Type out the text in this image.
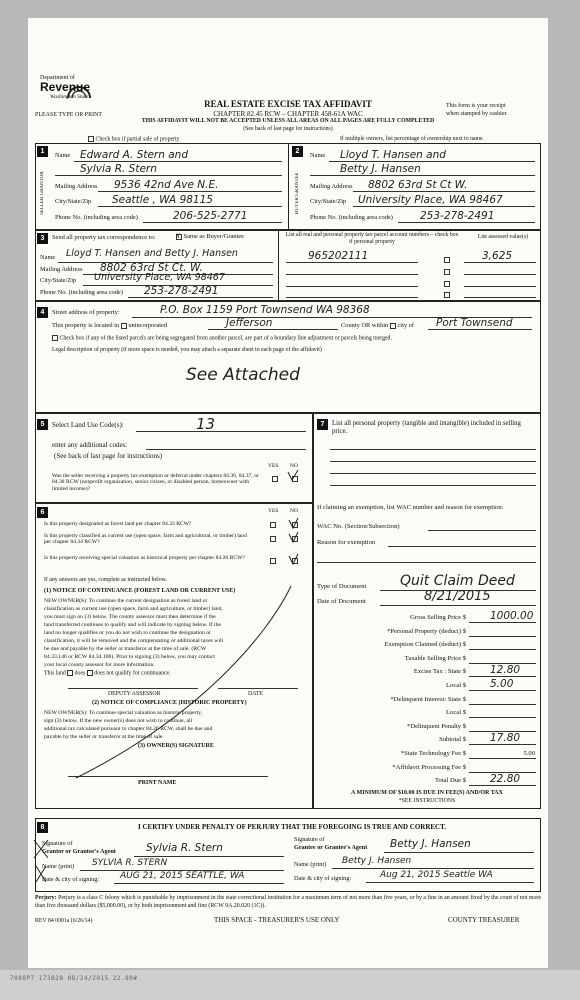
Department of
Revenue
Washington State
PLEASE TYPE OR PRINT
REAL ESTATE EXCISE TAX AFFIDAVIT
CHAPTER 82.45 RCW – CHAPTER 458-61A WAC
THIS AFFIDAVIT WILL NOT BE ACCEPTED UNLESS ALL AREAS ON ALL PAGES ARE FULLY COMPLETED
(See back of last page for instructions)
This form is your receipt
when stamped by cashier.
Check box if partial sale of property	If multiple owners, list percentage of ownership next to name.
1
SELLER GRANTOR
2
BUYER GRANTEE
Name Edward A. Stern and
Sylvia R. Stern
Mailing Address 9536 42nd Ave N.E.
City/State/Zip Seattle , WA 98115
Phone No. (including area code)	206-525-2771
Name Lloyd T. Hansen and
Betty J. Hansen
Mailing Address 8802 63rd St Ct W.
City/State/Zip University Place, WA 98467
Phone No. (including area code)	253-278-2491
3	Send all property tax correspondence to: x Same as Buyer/Grantee
Name Lloyd T. Hansen and Betty J. Hansen
Mailing Address 8802 63rd St Ct. W.
City/State/Zip University Place, WA 98467
Phone No. (including area code) 253-278-2491
List all real and personal property tax parcel account numbers – check box if personal property
List assessed value(s)
965202111	3,625
4	Street address of property:	P.O. Box 1159 Port Townsend WA 98368
This property is located in unincorporated	Jefferson	County OR within city of Port Townsend
Check box if any of the listed parcels are being segregated from another parcel, are part of a boundary line adjustment or parcels being merged.
Legal description of property (if more space is needed, you may attach a separate sheet to each page of the affidavit)
See Attached
5	Select Land Use Code(s):	13
enter any additional codes:
(See back of last page for instructions)
YES NO
Was the seller receiving a property tax exemption or deferral under chapters 84.36, 84.37, or 84.38 RCW (nonprofit organization, senior citizen, or disabled person, homeowner with limited income)?
6	YES NO
Is this property designated as forest land per chapter 84.33 RCW?
Is this property classified as current use (open space, farm and agricultural, or timber) land per chapter 84.34 RCW?
Is this property receiving special valuation as historical property per chapter 84.26 RCW?
If any answers are yes, complete as instructed below.
(1) NOTICE OF CONTINUANCE (FOREST LAND OR CURRENT USE)
NEW OWNER(S): To continue the current designation as forest land or
classification as current use (open space, farm and agriculture, or timber) land,
you must sign on (3) below. The county assessor must then determine if the
land transferred continues to qualify and will indicate by signing below. If the
land no longer qualifies or you do not wish to continue the designation or
classification, it will be removed and the compensating or additional taxes will
be due and payable by the seller or transferor at the time of sale. (RCW
84.33.140 or RCW 84.34.108). Prior to signing (3) below, you may contact
your local county assessor for more information.
This land does does not qualify for continuance.
DEPUTY ASSESSOR	DATE
(2) NOTICE OF COMPLIANCE (HISTORIC PROPERTY)
NEW OWNER(S): To continue special valuation as historic property,
sign (3) below. If the new owner(s) does not wish to continue, all
additional tax calculated pursuant to chapter 84.26 RCW, shall be due and
payable by the seller or transferor at the time of sale.
(3) OWNER(S) SIGNATURE
PRINT NAME
7	List all personal property (tangible and intangible) included in selling price.
If claiming an exemption, list WAC number and reason for exemption:
WAC No. (Section/Subsection)
Reason for exemption
Type of Document Quit Claim Deed
Date of Document	8/21/2015
Gross Selling Price $ 1000.00
*Personal Property (deduct) $
Exemption Claimed (deduct) $
Taxable Selling Price $
Excise Tax : State $ 12.80
Local $ 5.00
*Delinquent Interest: State $
Local $
*Delinquent Penalty $
Subtotal $ 17.80
*State Technology Fee $	5.00
*Affidavit Processing Fee $
Total Due $ 22.80
A MINIMUM OF $10.00 IS DUE IN FEE(S) AND/OR TAX
*SEE INSTRUCTIONS
8	I CERTIFY UNDER PENALTY OF PERJURY THAT THE FOREGOING IS TRUE AND CORRECT.
Signature of
Grantor or Grantor's Agent	Sylvia R. Stern
Name (print) SYLVIA R. STERN
Date & city of signing: AUG 21, 2015 SEATTLE, WA
Signature of
Grantee or Grantee's Agent Betty J. Hansen
Name (print) Betty J. Hansen
Date & city of signing:	Aug 21, 2015 Seattle WA
Perjury: Perjury is a class C felony which is punishable by imprisonment in the state correctional institution for a maximum term of not more than five years, or by a fine in an amount fixed by the court of not more than five thousand dollars ($5,000.00), or by both imprisonment and fine (RCW 9A.20.020 (1C)).
REV 84 0001a (6/26/14)	THIS SPACE - TREASURER'S USE ONLY	COUNTY TREASURER
7088P7 173B28 08/24/2015 22.80#
